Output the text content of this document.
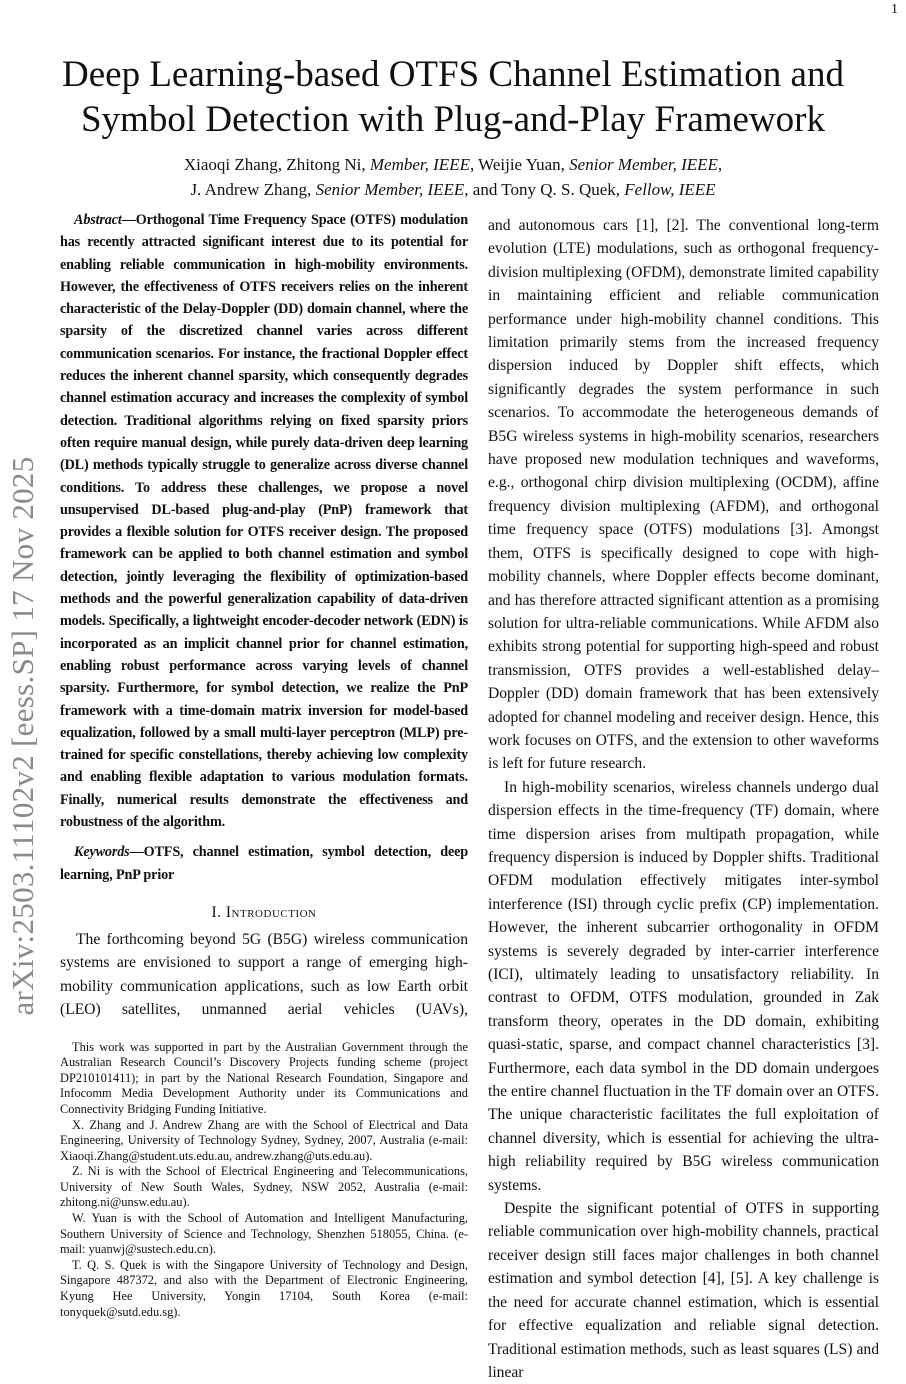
1
arXiv:2503.11102v2 [eess.SP] 17 Nov 2025
Deep Learning-based OTFS Channel Estimation and
Symbol Detection with Plug-and-Play Framework
Xiaoqi Zhang, Zhitong Ni, Member, IEEE, Weijie Yuan, Senior Member, IEEE,
J. Andrew Zhang, Senior Member, IEEE, and Tony Q. S. Quek, Fellow, IEEE

Abstract—Orthogonal Time Frequency Space (OTFS) modulation has recently attracted significant interest due to its potential for enabling reliable communication in high-mobility environments. However, the effectiveness of OTFS receivers relies on the inherent characteristic of the Delay-Doppler (DD) domain channel, where the sparsity of the discretized channel varies across different communication scenarios. For instance, the fractional Doppler effect reduces the inherent channel sparsity, which consequently degrades channel estimation accuracy and increases the complexity of symbol detection. Traditional algorithms relying on fixed sparsity priors often require manual design, while purely data-driven deep learning (DL) methods typically struggle to generalize across diverse channel conditions. To address these challenges, we propose a novel unsupervised DL-based plug-and-play (PnP) framework that provides a flexible solution for OTFS receiver design. The proposed framework can be applied to both channel estimation and symbol detection, jointly leveraging the flexibility of optimization-based methods and the powerful generalization capability of data-driven models. Specifically, a lightweight encoder-decoder network (EDN) is incorporated as an implicit channel prior for channel estimation, enabling robust performance across varying levels of channel sparsity. Furthermore, for symbol detection, we realize the PnP framework with a time-domain matrix inversion for model-based equalization, followed by a small multi-layer perceptron (MLP) pre-trained for specific constellations, thereby achieving low complexity and enabling flexible adaptation to various modulation formats. Finally, numerical results demonstrate the effectiveness and robustness of the algorithm.

Keywords—OTFS, channel estimation, symbol detection, deep learning, PnP prior

I. Introduction

The forthcoming beyond 5G (B5G) wireless communication systems are envisioned to support a range of emerging high-mobility communication applications, such as low Earth orbit (LEO) satellites, unmanned aerial vehicles (UAVs),

This work was supported in part by the Australian Government through the Australian Research Council’s Discovery Projects funding scheme (project DP210101411); in part by the National Research Foundation, Singapore and Infocomm Media Development Authority under its Communications and Connectivity Bridging Funding Initiative.

X. Zhang and J. Andrew Zhang are with the School of Electrical and Data Engineering, University of Technology Sydney, Sydney, 2007, Australia (e-mail: Xiaoqi.Zhang@student.uts.edu.au, andrew.zhang@uts.edu.au).

Z. Ni is with the School of Electrical Engineering and Telecommunications, University of New South Wales, Sydney, NSW 2052, Australia (e-mail: zhitong.ni@unsw.edu.au).

W. Yuan is with the School of Automation and Intelligent Manufacturing, Southern University of Science and Technology, Shenzhen 518055, China. (e-mail: yuanwj@sustech.edu.cn).

T. Q. S. Quek is with the Singapore University of Technology and Design, Singapore 487372, and also with the Department of Electronic Engineering, Kyung Hee University, Yongin 17104, South Korea (e-mail: tonyquek@sutd.edu.sg).

and autonomous cars [1], [2]. The conventional long-term evolution (LTE) modulations, such as orthogonal frequency-division multiplexing (OFDM), demonstrate limited capability in maintaining efficient and reliable communication performance under high-mobility channel conditions. This limitation primarily stems from the increased frequency dispersion induced by Doppler shift effects, which significantly degrades the system performance in such scenarios. To accommodate the heterogeneous demands of B5G wireless systems in high-mobility scenarios, researchers have proposed new modulation techniques and waveforms, e.g., orthogonal chirp division multiplexing (OCDM), affine frequency division multiplexing (AFDM), and orthogonal time frequency space (OTFS) modulations [3]. Amongst them, OTFS is specifically designed to cope with high-mobility channels, where Doppler effects become dominant, and has therefore attracted significant attention as a promising solution for ultra-reliable communications. While AFDM also exhibits strong potential for supporting high-speed and robust transmission, OTFS provides a well-established delay–Doppler (DD) domain framework that has been extensively adopted for channel modeling and receiver design. Hence, this work focuses on OTFS, and the extension to other waveforms is left for future research.

In high-mobility scenarios, wireless channels undergo dual dispersion effects in the time-frequency (TF) domain, where time dispersion arises from multipath propagation, while frequency dispersion is induced by Doppler shifts. Traditional OFDM modulation effectively mitigates inter-symbol interference (ISI) through cyclic prefix (CP) implementation. However, the inherent subcarrier orthogonality in OFDM systems is severely degraded by inter-carrier interference (ICI), ultimately leading to unsatisfactory reliability. In contrast to OFDM, OTFS modulation, grounded in Zak transform theory, operates in the DD domain, exhibiting quasi-static, sparse, and compact channel characteristics [3]. Furthermore, each data symbol in the DD domain undergoes the entire channel fluctuation in the TF domain over an OTFS. The unique characteristic facilitates the full exploitation of channel diversity, which is essential for achieving the ultra-high reliability required by B5G wireless communication systems.

Despite the significant potential of OTFS in supporting reliable communication over high-mobility channels, practical receiver design still faces major challenges in both channel estimation and symbol detection [4], [5]. A key challenge is the need for accurate channel estimation, which is essential for effective equalization and reliable signal detection. Traditional estimation methods, such as least squares (LS) and linear
